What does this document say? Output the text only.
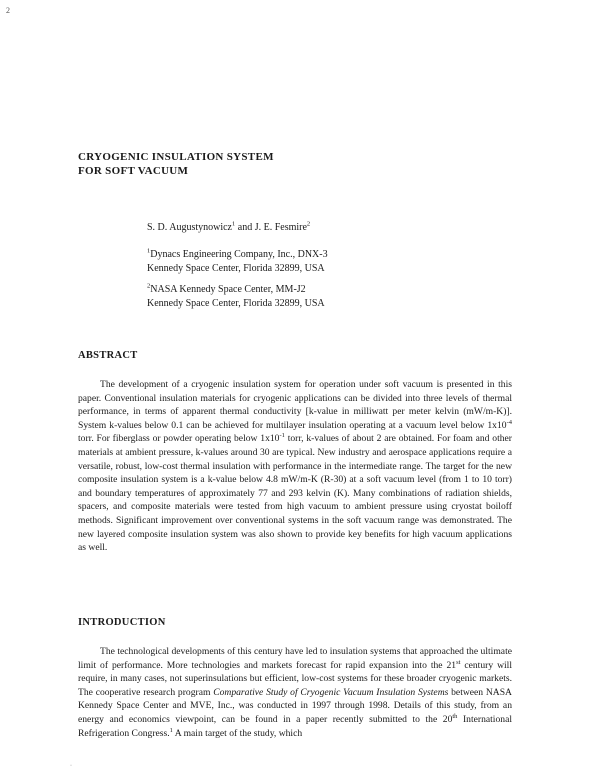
2
CRYOGENIC INSULATION SYSTEM
FOR SOFT VACUUM
S. D. Augustynowicz$^1$ and J. E. Fesmire$^2$
$^1$Dynacs Engineering Company, Inc., DNX-3
Kennedy Space Center, Florida 32899, USA
$^2$NASA Kennedy Space Center, MM-J2
Kennedy Space Center, Florida 32899, USA
ABSTRACT
The development of a cryogenic insulation system for operation under soft vacuum is presented in this paper. Conventional insulation materials for cryogenic applications can be divided into three levels of thermal performance, in terms of apparent thermal conductivity [k-value in milliwatt per meter kelvin (mW/m-K)]. System k-values below 0.1 can be achieved for multilayer insulation operating at a vacuum level below $1x10^{-4}$ torr. For fiberglass or powder operating below $1x10^{-1}$ torr, k-values of about 2 are obtained. For foam and other materials at ambient pressure, k-values around 30 are typical. New industry and aerospace applications require a versatile, robust, low-cost thermal insulation with performance in the intermediate range. The target for the new composite insulation system is a k-value below 4.8 mW/m-K (R-30) at a soft vacuum level (from 1 to 10 torr) and boundary temperatures of approximately 77 and 293 kelvin (K). Many combinations of radiation shields, spacers, and composite materials were tested from high vacuum to ambient pressure using cryostat boiloff methods. Significant improvement over conventional systems in the soft vacuum range was demonstrated. The new layered composite insulation system was also shown to provide key benefits for high vacuum applications as well.
INTRODUCTION
The technological developments of this century have led to insulation systems that approached the ultimate limit of performance. More technologies and markets forecast for rapid expansion into the 21st century will require, in many cases, not superinsulations but efficient, low-cost systems for these broader cryogenic markets. The cooperative research program Comparative Study of Cryogenic Vacuum Insulation Systems between NASA Kennedy Space Center and MVE, Inc., was conducted in 1997 through 1998. Details of this study, from an energy and economics viewpoint, can be found in a paper recently submitted to the 20th International Refrigeration Congress.$^1$ A main target of the study, which
·
